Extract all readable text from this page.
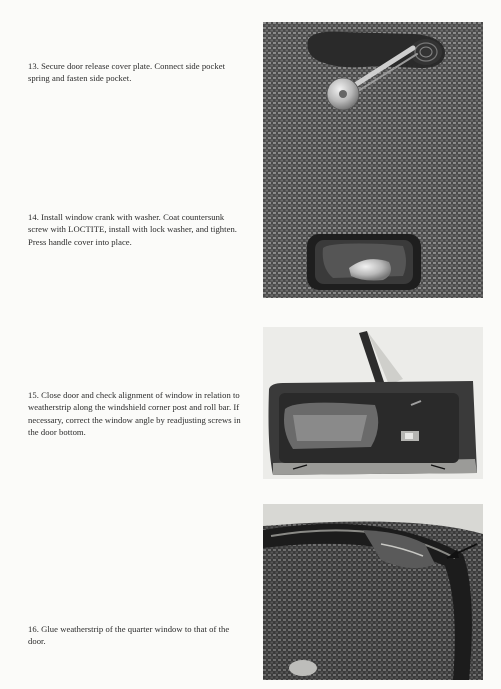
13. Secure door release cover plate. Connect side pocket spring and fasten side pocket.
14. Install window crank with washer. Coat countersunk screw with LOCTITE, install with lock washer, and tighten. Press handle cover into place.
15. Close door and check alignment of window in relation to weatherstrip along the windshield corner post and roll bar. If necessary, correct the window angle by readjusting screws in the door bottom.
16. Glue weatherstrip of the quarter window to that of the door.
